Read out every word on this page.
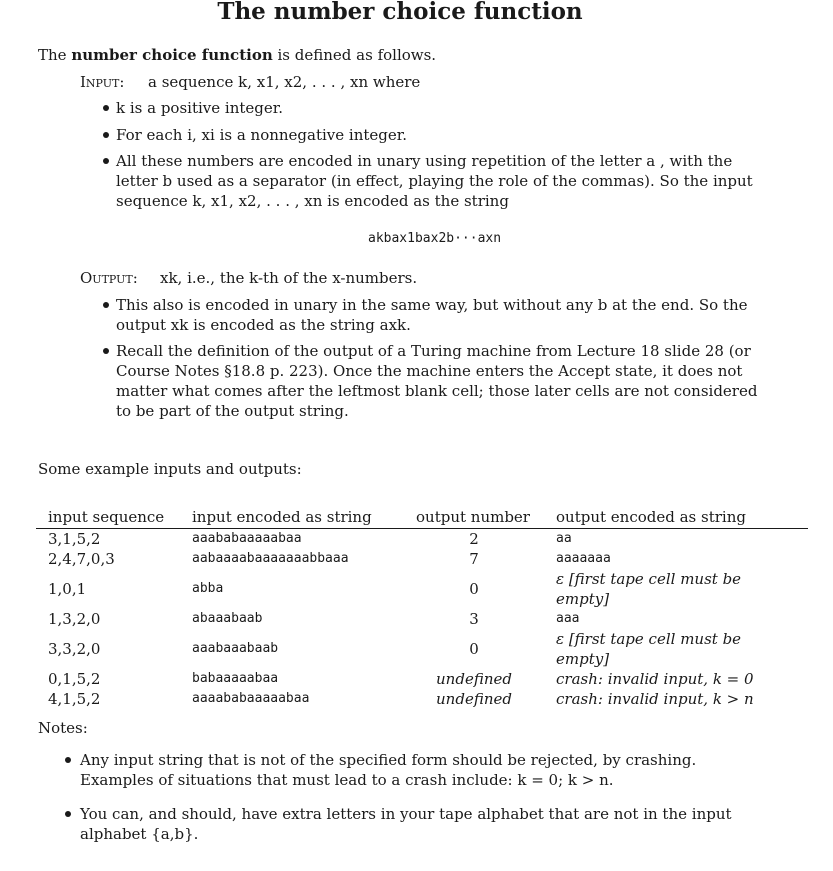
The number choice function
The number choice function is defined as follows.
Input: a sequence k, x1, x2, . . . , xn where
k is a positive integer.
For each i, xi is a nonnegative integer.
All these numbers are encoded in unary using repetition of the letter a , with the letter b used as a separator (in effect, playing the role of the commas). So the input sequence k, x1, x2, . . . , xn is encoded as the string
akbax1bax2b···axn
Output: xk, i.e., the k-th of the x-numbers.
This also is encoded in unary in the same way, but without any b at the end. So the output xk is encoded as the string axk.
Recall the definition of the output of a Turing machine from Lecture 18 slide 28 (or Course Notes §18.8 p. 223). Once the machine enters the Accept state, it does not matter what comes after the leftmost blank cell; those later cells are not considered to be part of the output string.
Some example inputs and outputs:
input sequence	input encoded as string	output number	output encoded as string
3,1,5,2	aaababaaaaabaa	2	aa
2,4,7,0,3	aabaaaabaaaaaaabbaaa	7	aaaaaaa
1,0,1	abba	0	ε [first tape cell must be empty]
1,3,2,0	abaaabaab	3	aaa
3,3,2,0	aaabaaabaab	0	ε [first tape cell must be empty]
0,1,5,2	babaaaaabaa	undefined	crash: invalid input, k = 0
4,1,5,2	aaaababaaaaabaa	undefined	crash: invalid input, k > n
Notes:
Any input string that is not of the specified form should be rejected, by crashing. Examples of situations that must lead to a crash include: k = 0; k > n.
You can, and should, have extra letters in your tape alphabet that are not in the input alphabet {a,b}.
